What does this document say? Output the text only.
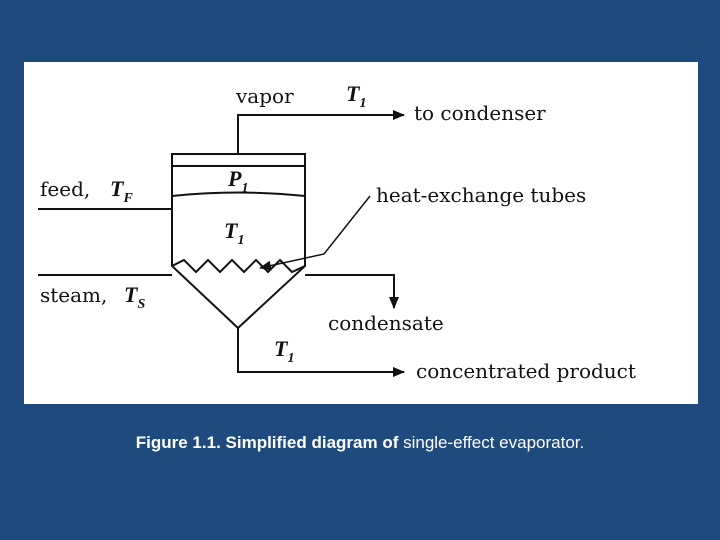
vapor $T_1$ to condenser
$P_1$
$T_1$
feed, $T_F$	heat-exchange tubes
steam, $T_S$
condensate
$T_1$
concentrated product
Figure 1.1. Simplified diagram of single-effect evaporator.
